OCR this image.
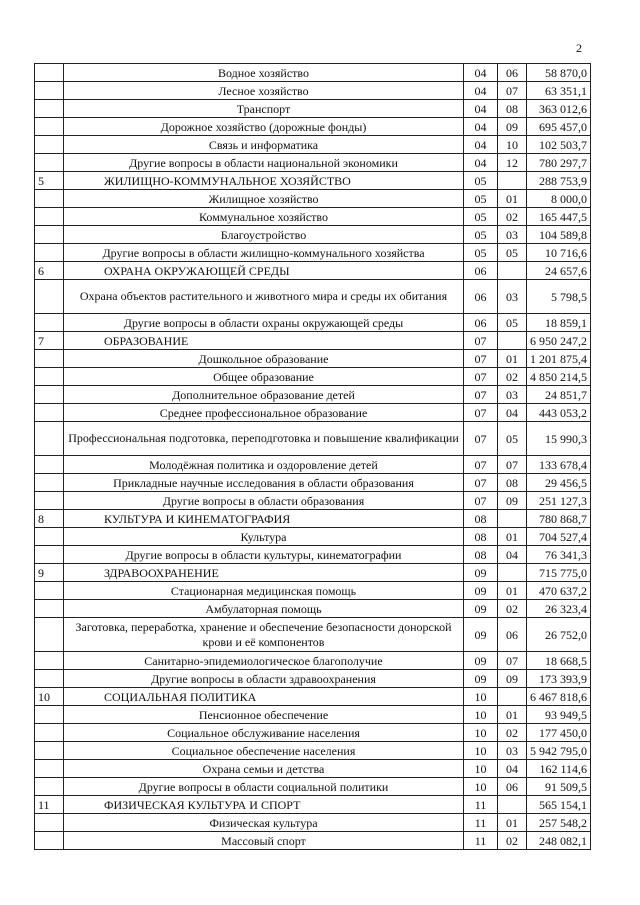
2
	Водное хозяйство	04	06	58 870,0
	Лесное хозяйство	04	07	63 351,1
	Транспорт	04	08	363 012,6
	Дорожное хозяйство (дорожные фонды)	04	09	695 457,0
	Связь и информатика	04	10	102 503,7
	Другие вопросы в области национальной экономики	04	12	780 297,7
5	ЖИЛИЩНО-КОММУНАЛЬНОЕ ХОЗЯЙСТВО	05		288 753,9
	Жилищное хозяйство	05	01	8 000,0
	Коммунальное хозяйство	05	02	165 447,5
	Благоустройство	05	03	104 589,8
	Другие вопросы в области жилищно-коммунального хозяйства	05	05	10 716,6
6	ОХРАНА ОКРУЖАЮЩЕЙ СРЕДЫ	06		24 657,6
	Охрана объектов растительного и животного мира и среды их обитания	06	03	5 798,5
	Другие вопросы в области охраны окружающей среды	06	05	18 859,1
7	ОБРАЗОВАНИЕ	07		6 950 247,2
	Дошкольное образование	07	01	1 201 875,4
	Общее образование	07	02	4 850 214,5
	Дополнительное образование детей	07	03	24 851,7
	Среднее профессиональное образование	07	04	443 053,2
	Профессиональная подготовка, переподготовка и повышение квалификации	07	05	15 990,3
	Молодёжная политика и оздоровление детей	07	07	133 678,4
	Прикладные научные исследования в области образования	07	08	29 456,5
	Другие вопросы в области образования	07	09	251 127,3
8	КУЛЬТУРА И КИНЕМАТОГРАФИЯ	08		780 868,7
	Культура	08	01	704 527,4
	Другие вопросы в области культуры, кинематографии	08	04	76 341,3
9	ЗДРАВООХРАНЕНИЕ	09		715 775,0
	Стационарная медицинская помощь	09	01	470 637,2
	Амбулаторная помощь	09	02	26 323,4
	Заготовка, переработка, хранение и обеспечение безопасности донорской крови и её компонентов	09	06	26 752,0
	Санитарно-эпидемиологическое благополучие	09	07	18 668,5
	Другие вопросы в области здравоохранения	09	09	173 393,9
10	СОЦИАЛЬНАЯ ПОЛИТИКА	10		6 467 818,6
	Пенсионное обеспечение	10	01	93 949,5
	Социальное обслуживание населения	10	02	177 450,0
	Социальное обеспечение населения	10	03	5 942 795,0
	Охрана семьи и детства	10	04	162 114,6
	Другие вопросы в области социальной политики	10	06	91 509,5
11	ФИЗИЧЕСКАЯ КУЛЬТУРА И СПОРТ	11		565 154,1
	Физическая культура	11	01	257 548,2
	Массовый спорт	11	02	248 082,1
